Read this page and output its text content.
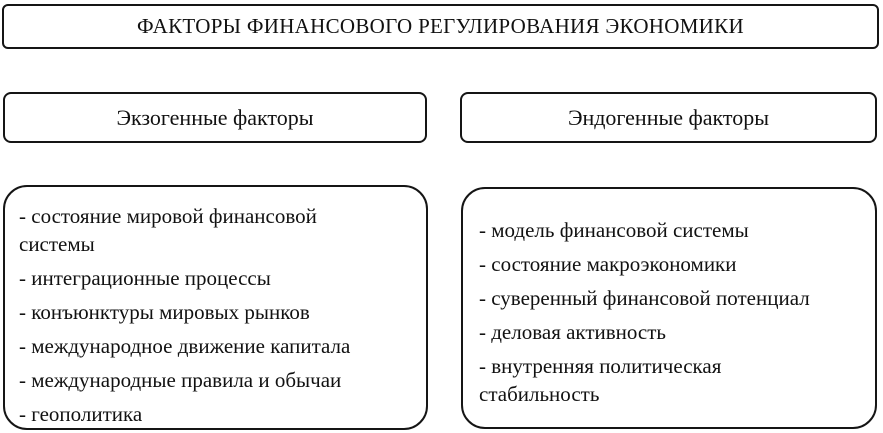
ФАКТОРЫ ФИНАНСОВОГО РЕГУЛИРОВАНИЯ ЭКОНОМИКИ
Экзогенные факторы	Эндогенные факторы
- состояние мировой финансовой системы
- интеграционные процессы
- конъюнктуры мировых рынков
- международное движение капитала
- международные правила и обычаи
- геополитика
- модель финансовой системы
- состояние макроэкономики
- суверенный финансовой потенциал
- деловая активность
- внутренняя политическая стабильность
